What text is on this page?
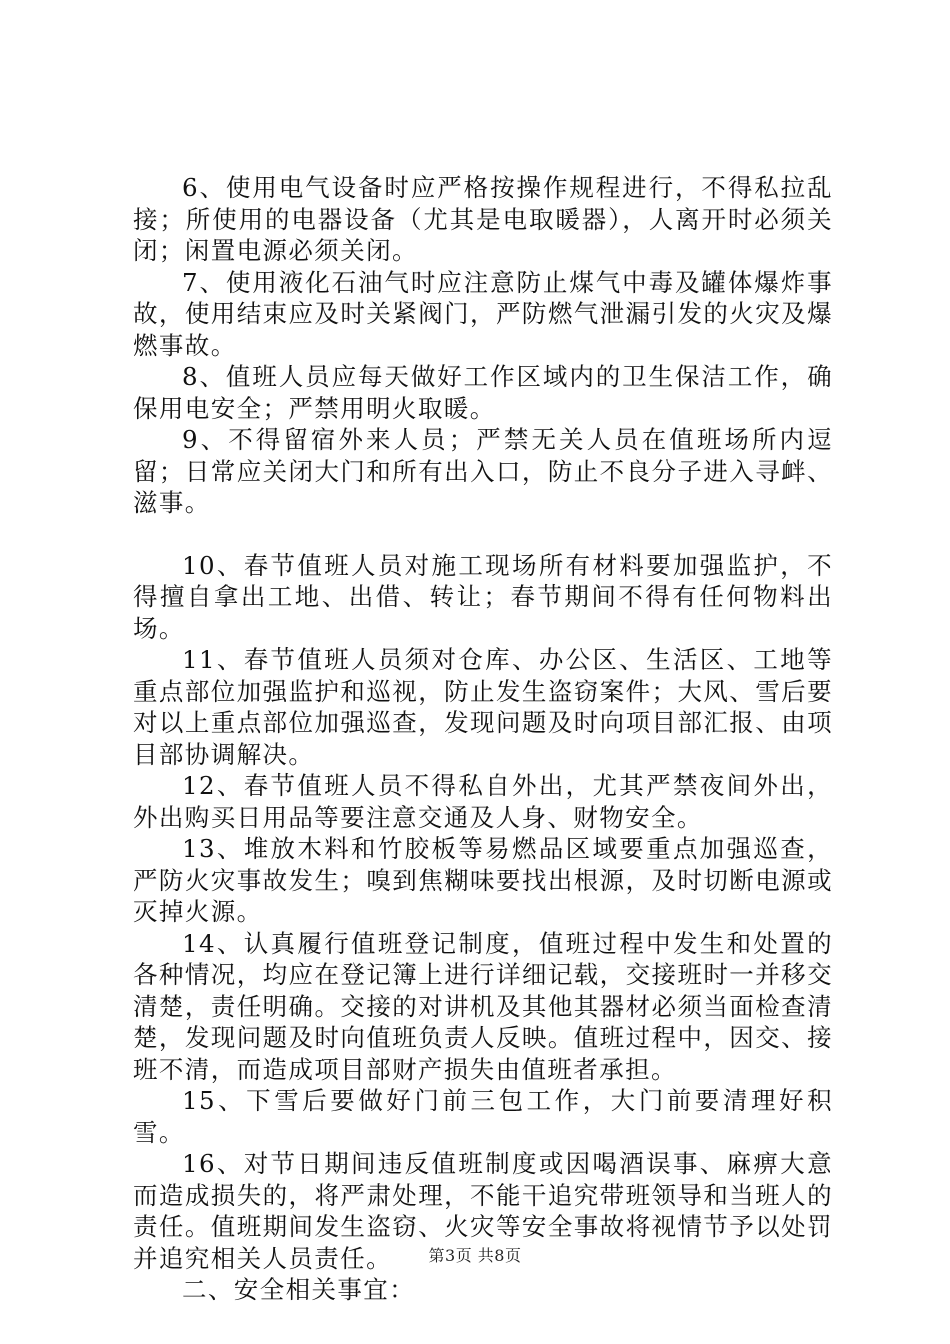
6、使用电气设备时应严格按操作规程进行，不得私拉乱接；所使用的电器设备（尤其是电取暖器），人离开时必须关闭；闲置电源必须关闭。

7、使用液化石油气时应注意防止煤气中毒及罐体爆炸事故，使用结束应及时关紧阀门，严防燃气泄漏引发的火灾及爆燃事故。

8、值班人员应每天做好工作区域内的卫生保洁工作，确保用电安全；严禁用明火取暖。

9、不得留宿外来人员；严禁无关人员在值班场所内逗留；日常应关闭大门和所有出入口，防止不良分子进入寻衅、滋事。

10、春节值班人员对施工现场所有材料要加强监护，不得擅自拿出工地、出借、转让；春节期间不得有任何物料出场。

11、春节值班人员须对仓库、办公区、生活区、工地等重点部位加强监护和巡视，防止发生盗窃案件；大风、雪后要对以上重点部位加强巡查，发现问题及时向项目部汇报、由项目部协调解决。

12、春节值班人员不得私自外出，尤其严禁夜间外出，外出购买日用品等要注意交通及人身、财物安全。

13、堆放木料和竹胶板等易燃品区域要重点加强巡查，严防火灾事故发生；嗅到焦糊味要找出根源，及时切断电源或灭掉火源。

14、认真履行值班登记制度，值班过程中发生和处置的各种情况，均应在登记簿上进行详细记载，交接班时一并移交清楚，责任明确。交接的对讲机及其他其器材必须当面检查清楚，发现问题及时向值班负责人反映。值班过程中，因交、接班不清，而造成项目部财产损失由值班者承担。

15、下雪后要做好门前三包工作，大门前要清理好积雪。

16、对节日期间违反值班制度或因喝酒误事、麻痹大意而造成损失的，将严肃处理，不能干追究带班领导和当班人的责任。值班期间发生盗窃、火灾等安全事故将视情节予以处罚并追究相关人员责任。

二、安全相关事宜：

第3页 共8页
